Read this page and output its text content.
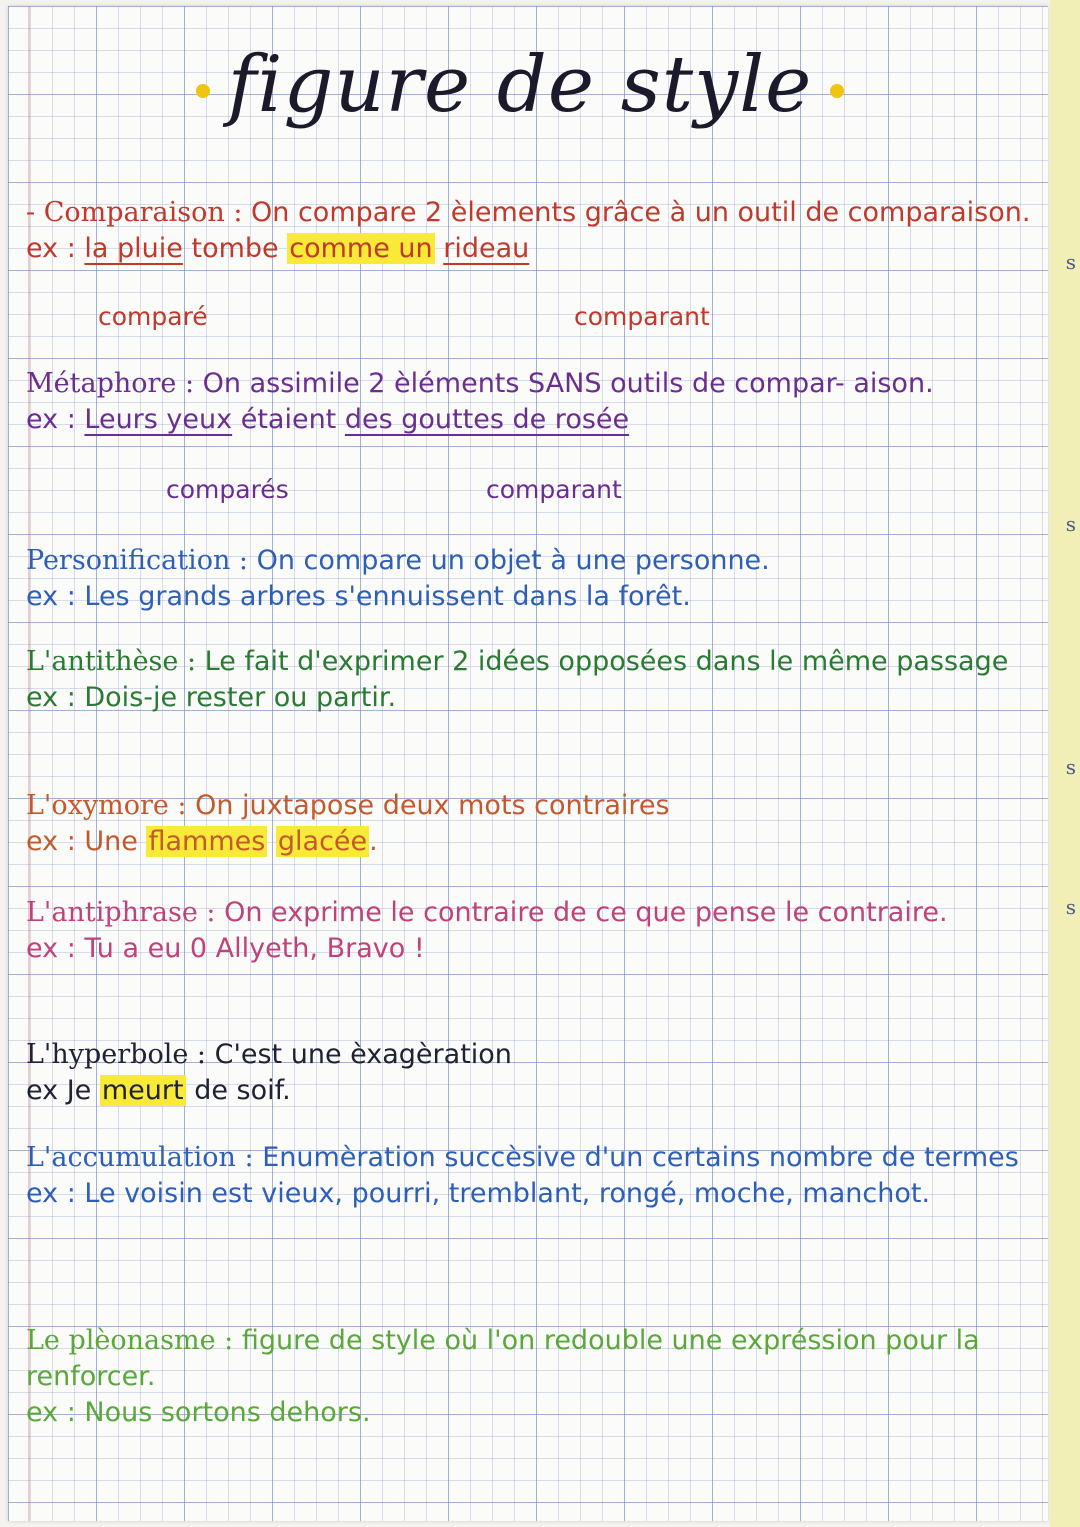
s
s
s
s
figure de style
- Comparaison : On compare 2 èlements grâce à un outil de comparaison.
ex : la pluie tombe comme un rideau
comparé	comparant
Métaphore : On assimile 2 èléments SANS outils de compar- aison.
ex : Leurs yeux étaient des gouttes de rosée
comparés	comparant
Personification : On compare un objet à une personne.
ex : Les grands arbres s'ennuissent dans la forêt.
L'antithèse : Le fait d'exprimer 2 idées opposées dans le même passage
ex : Dois-je rester ou partir.
L'oxymore : On juxtapose deux mots contraires
ex : Une flammes glacée.
L'antiphrase : On exprime le contraire de ce que pense le contraire.
ex : Tu a eu 0 Allyeth, Bravo !
L'hyperbole : C'est une èxagèration
ex Je meurt de soif.
L'accumulation : Enumèration succèsive d'un certains nombre de termes
ex : Le voisin est vieux, pourri, tremblant, rongé, moche, manchot.
Le plèonasme : figure de style où l'on redouble une expréssion pour la renforcer.
ex : Nous sortons dehors.
